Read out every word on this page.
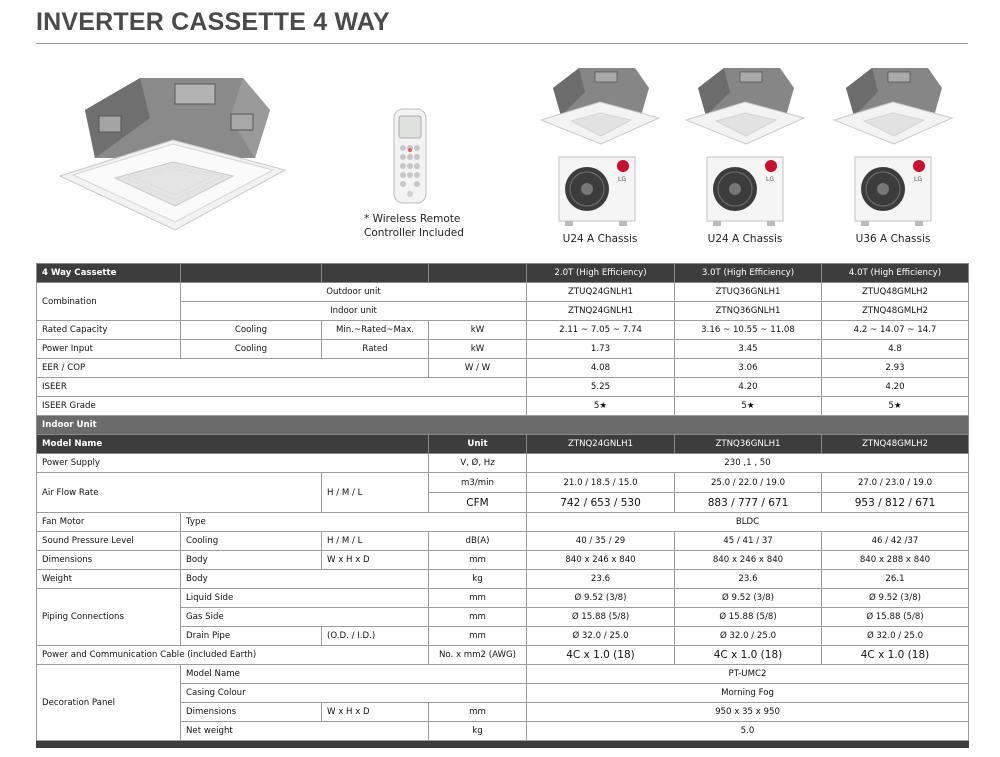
INVERTER CASSETTE 4 WAY
* Wireless Remote
Controller Included
LG
U24 A Chassis
LG
U24 A Chassis
LG
U36 A Chassis
4 Way Cassette				2.0T (High Efficiency)	3.0T (High Efficiency)	4.0T (High Efficiency)
Combination	Outdoor unit			ZTUQ24GNLH1	ZTUQ36GNLH1	ZTUQ48GMLH2
	Indoor unit			ZTNQ24GNLH1	ZTNQ36GNLH1	ZTNQ48GMLH2
Rated Capacity	Cooling	Min.~Rated~Max.	kW	2.11 ~ 7.05 ~ 7.74	3.16 ~ 10.55 ~ 11.08	4.2 ~ 14.07 ~ 14.7
Power Input	Cooling	Rated	kW	1.73	3.45	4.8
EER / COP			W / W	4.08	3.06	2.93
ISEER				5.25	4.20	4.20
ISEER Grade				5★	5★	5★
Indoor Unit						
Model Name			Unit	ZTNQ24GNLH1	ZTNQ36GNLH1	ZTNQ48GMLH2
Power Supply			V, Ø, Hz	230 ,1 , 50		
Air Flow Rate		H / M / L	m3/min	21.0 / 18.5 / 15.0	25.0 / 22.0 / 19.0	27.0 / 23.0 / 19.0
			CFM	742 / 653 / 530	883 / 777 / 671	953 / 812 / 671
Fan Motor	Type			BLDC		
Sound Pressure Level	Cooling	H / M / L	dB(A)	40 / 35 / 29	45 / 41 / 37	46 / 42 /37
Dimensions	Body	W x H x D	mm	840 x 246 x 840	840 x 246 x 840	840 x 288 x 840
Weight	Body		kg	23.6	23.6	26.1
Piping Connections	Liquid Side		mm	Ø 9.52 (3/8)	Ø 9.52 (3/8)	Ø 9.52 (3/8)
	Gas Side		mm	Ø 15.88 (5/8)	Ø 15.88 (5/8)	Ø 15.88 (5/8)
	Drain Pipe	(O.D. / I.D.)	mm	Ø 32.0 / 25.0	Ø 32.0 / 25.0	Ø 32.0 / 25.0
Power and Communication Cable (included Earth)			No. x mm2 (AWG)	4C x 1.0 (18)	4C x 1.0 (18)	4C x 1.0 (18)
Decoration Panel	Model Name			PT-UMC2		
	Casing Colour			Morning Fog		
	Dimensions	W x H x D	mm	950 x 35 x 950		
	Net weight		kg	5.0		
